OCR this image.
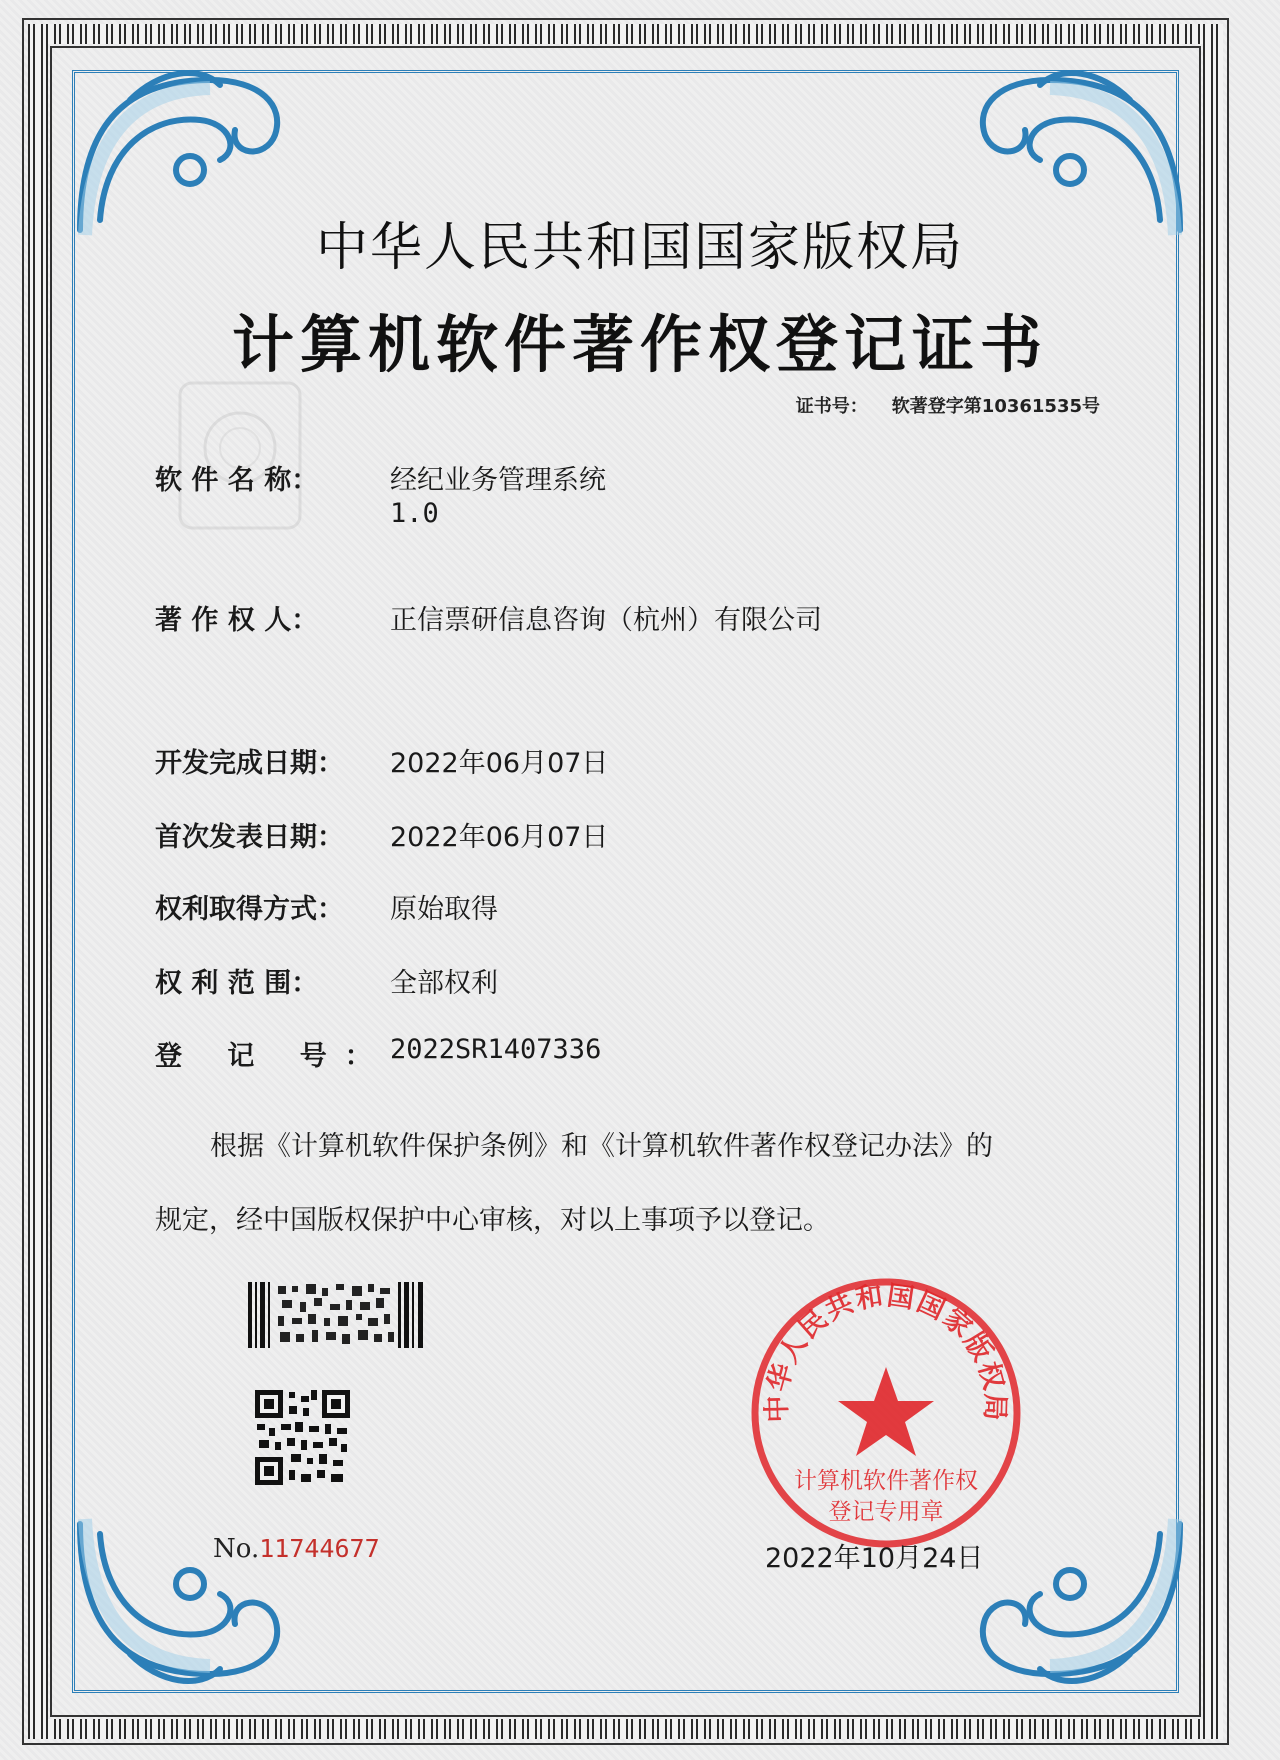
中华人民共和国国家版权局
计算机软件著作权登记证书
证书号： 软著登字第10361535号
软 件 名 称：	经纪业务管理系统
1.0
著 作 权 人：	正信票研信息咨询（杭州）有限公司
开发完成日期： 2022年06月07日
首次发表日期： 2022年06月07日
权利取得方式： 原始取得
权 利 范 围：	全部权利
登 记 号： 2022SR1407336
根据《计算机软件保护条例》和《计算机软件著作权登记办法》的
规定，经中国版权保护中心审核，对以上事项予以登记。
No.11744677
中华人民共和国国家版权局
计算机软件著作权
登记专用章
2022年10月24日
